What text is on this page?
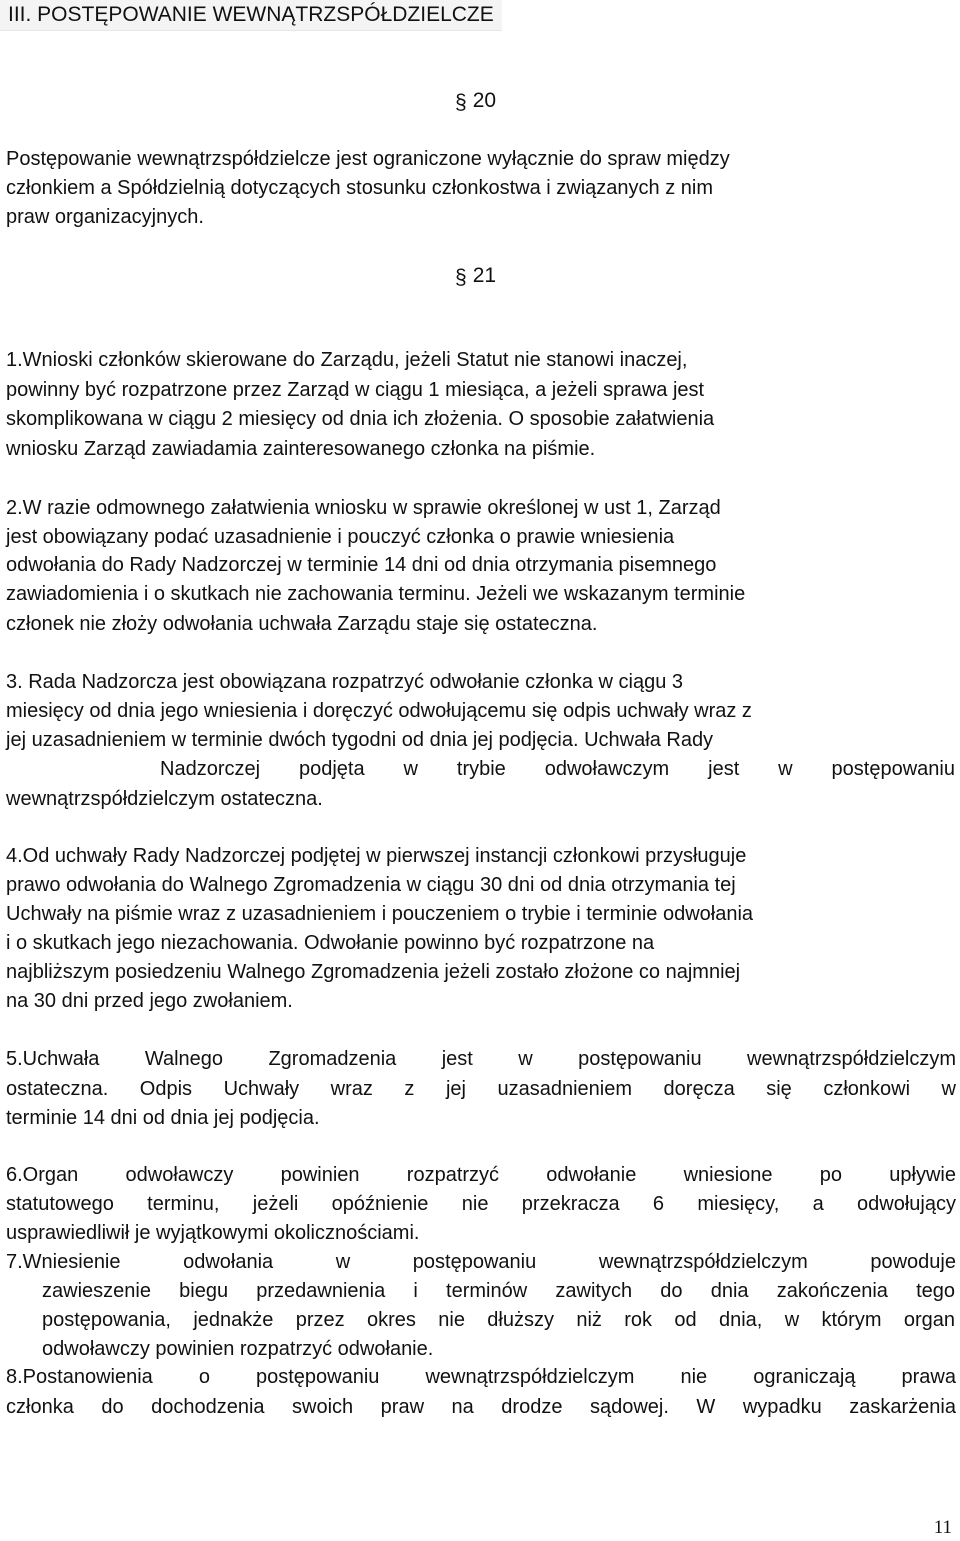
III. POSTĘPOWANIE WEWNĄTRZSPÓŁDZIELCZE
§ 20
Postępowanie wewnątrzspółdzielcze jest ograniczone wyłącznie do spraw między
członkiem a Spółdzielnią dotyczących stosunku członkostwa i związanych z nim
praw organizacyjnych.
§ 21
1.Wnioski członków skierowane do Zarządu, jeżeli Statut nie stanowi inaczej,
powinny być rozpatrzone przez Zarząd w ciągu 1 miesiąca, a jeżeli sprawa jest
skomplikowana w ciągu 2 miesięcy od dnia ich złożenia. O sposobie załatwienia
wniosku Zarząd zawiadamia zainteresowanego członka na piśmie.
2.W razie odmownego załatwienia wniosku w sprawie określonej w ust 1, Zarząd
jest obowiązany podać uzasadnienie i pouczyć członka o prawie wniesienia
odwołania do Rady Nadzorczej w terminie 14 dni od dnia otrzymania pisemnego
zawiadomienia i o skutkach nie zachowania terminu. Jeżeli we wskazanym terminie
członek nie złoży odwołania uchwała Zarządu staje się ostateczna.
3. Rada Nadzorcza jest obowiązana rozpatrzyć odwołanie członka w ciągu 3
miesięcy od dnia jego wniesienia i doręczyć odwołującemu się odpis uchwały wraz z
jej uzasadnieniem w terminie dwóch tygodni od dnia jej podjęcia. Uchwała Rady
Nadzorczej podjęta w trybie odwoławczym jest w postępowaniu
wewnątrzspółdzielczym ostateczna.
4.Od uchwały Rady Nadzorczej podjętej w pierwszej instancji członkowi przysługuje
prawo odwołania do Walnego Zgromadzenia w ciągu 30 dni od dnia otrzymania tej
Uchwały na piśmie wraz z uzasadnieniem i pouczeniem o trybie i terminie odwołania
i o skutkach jego niezachowania. Odwołanie powinno być rozpatrzone na
najbliższym posiedzeniu Walnego Zgromadzenia jeżeli zostało złożone co najmniej
na 30 dni przed jego zwołaniem.
5.Uchwała Walnego Zgromadzenia jest w postępowaniu wewnątrzspółdzielczym
ostateczna. Odpis Uchwały wraz z jej uzasadnieniem doręcza się członkowi w
terminie 14 dni od dnia jej podjęcia.
6.Organ odwoławczy powinien rozpatrzyć odwołanie wniesione po upływie
statutowego terminu, jeżeli opóźnienie nie przekracza 6 miesięcy, a odwołujący
usprawiedliwił je wyjątkowymi okolicznościami.
7.Wniesienie odwołania w postępowaniu wewnątrzspółdzielczym powoduje
zawieszenie biegu przedawnienia i terminów zawitych do dnia zakończenia tego
postępowania, jednakże przez okres nie dłuższy niż rok od dnia, w którym organ
odwoławczy powinien rozpatrzyć odwołanie.
8.Postanowienia o postępowaniu wewnątrzspółdzielczym nie ograniczają prawa
członka do dochodzenia swoich praw na drodze sądowej. W wypadku zaskarżenia
11
